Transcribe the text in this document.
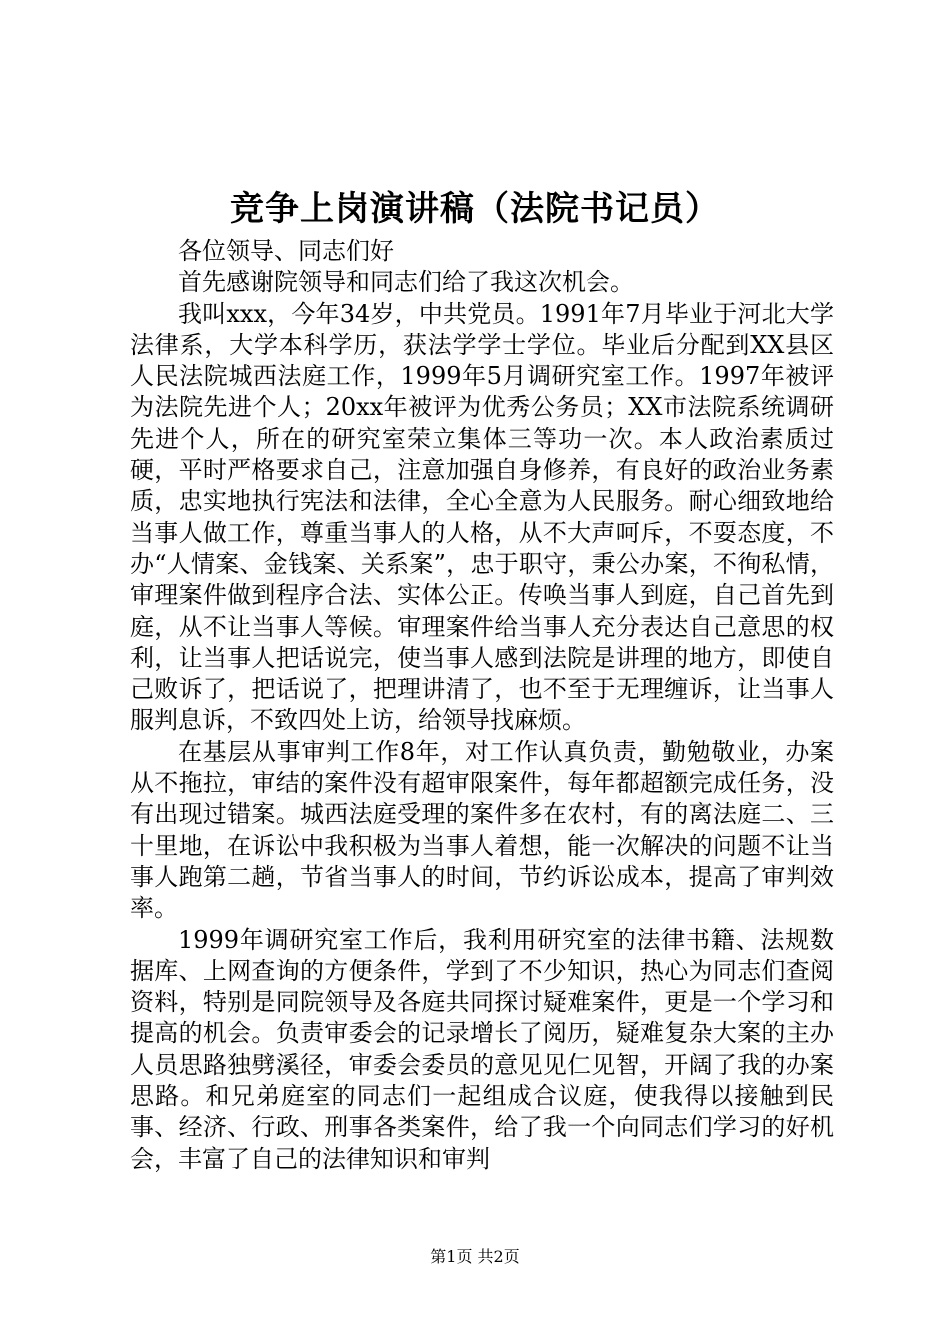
竞争上岗演讲稿（法院书记员）

各位领导、同志们好

首先感谢院领导和同志们给了我这次机会。

我叫xxx，今年34岁，中共党员。1991年7月毕业于河北大学法律系，大学本科学历，获法学学士学位。毕业后分配到XX县区人民法院城西法庭工作，1999年5月调研究室工作。1997年被评为法院先进个人；20xx年被评为优秀公务员；XX市法院系统调研先进个人，所在的研究室荣立集体三等功一次。本人政治素质过硬，平时严格要求自己，注意加强自身修养，有良好的政治业务素质，忠实地执行宪法和法律，全心全意为人民服务。耐心细致地给当事人做工作，尊重当事人的人格，从不大声呵斥，不耍态度，不办“人情案、金钱案、关系案”，忠于职守，秉公办案，不徇私情，审理案件做到程序合法、实体公正。传唤当事人到庭，自己首先到庭，从不让当事人等候。审理案件给当事人充分表达自己意思的权利，让当事人把话说完，使当事人感到法院是讲理的地方，即使自己败诉了，把话说了，把理讲清了，也不至于无理缠诉，让当事人服判息诉，不致四处上访，给领导找麻烦。

在基层从事审判工作8年，对工作认真负责，勤勉敬业，办案从不拖拉，审结的案件没有超审限案件，每年都超额完成任务，没有出现过错案。城西法庭受理的案件多在农村，有的离法庭二、三十里地，在诉讼中我积极为当事人着想，能一次解决的问题不让当事人跑第二趟，节省当事人的时间，节约诉讼成本，提高了审判效率。

1999年调研究室工作后，我利用研究室的法律书籍、法规数据库、上网查询的方便条件，学到了不少知识，热心为同志们查阅资料，特别是同院领导及各庭共同探讨疑难案件，更是一个学习和提高的机会。负责审委会的记录增长了阅历，疑难复杂大案的主办人员思路独劈溪径，审委会委员的意见见仁见智，开阔了我的办案思路。和兄弟庭室的同志们一起组成合议庭，使我得以接触到民事、经济、行政、刑事各类案件，给了我一个向同志们学习的好机会，丰富了自己的法律知识和审判

第1页 共2页
